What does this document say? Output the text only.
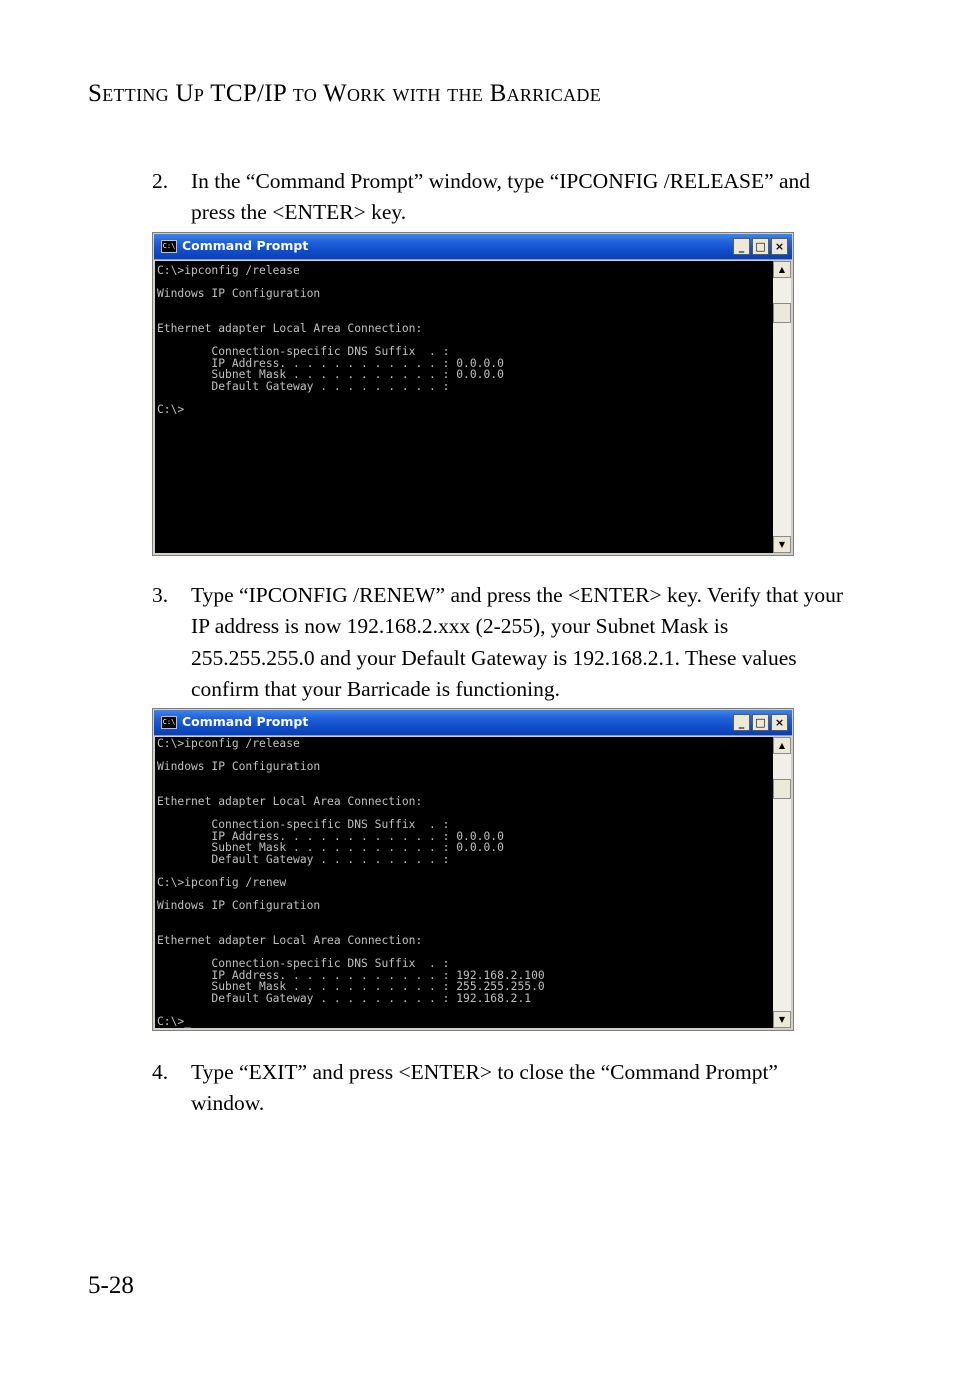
Setting Up TCP/IP to Work with the Barricade
2. In the “Command Prompt” window, type “IPCONFIG /RELEASE” and press the <ENTER> key.
C:\ Command Prompt	_	□ ×
C:\>ipconfig /release

Windows IP Configuration

Ethernet adapter Local Area Connection:

Connection-specific DNS Suffix  . :
IP Address. . . . . . . . . . . . : 0.0.0.0
Subnet Mask . . . . . . . . . . . : 0.0.0.0
Default Gateway . . . . . . . . . :

C:\>
▲
▼
3. Type “IPCONFIG /RENEW” and press the <ENTER> key. Verify that your IP address is now 192.168.2.xxx (2-255), your Subnet Mask is 255.255.255.0 and your Default Gateway is 192.168.2.1. These values confirm that your Barricade is functioning.
C:\ Command Prompt	_	□ ×
C:\>ipconfig /release

Windows IP Configuration

Ethernet adapter Local Area Connection:

Connection-specific DNS Suffix  . :
IP Address. . . . . . . . . . . . : 0.0.0.0
Subnet Mask . . . . . . . . . . . : 0.0.0.0
Default Gateway . . . . . . . . . :

C:\>ipconfig /renew

Windows IP Configuration

Ethernet adapter Local Area Connection:

Connection-specific DNS Suffix  . :
IP Address. . . . . . . . . . . . : 192.168.2.100
Subnet Mask . . . . . . . . . . . : 255.255.255.0
Default Gateway . . . . . . . . . : 192.168.2.1

C:\>_
▲
▼
4. Type “EXIT” and press <ENTER> to close the “Command Prompt” window.
5-28
